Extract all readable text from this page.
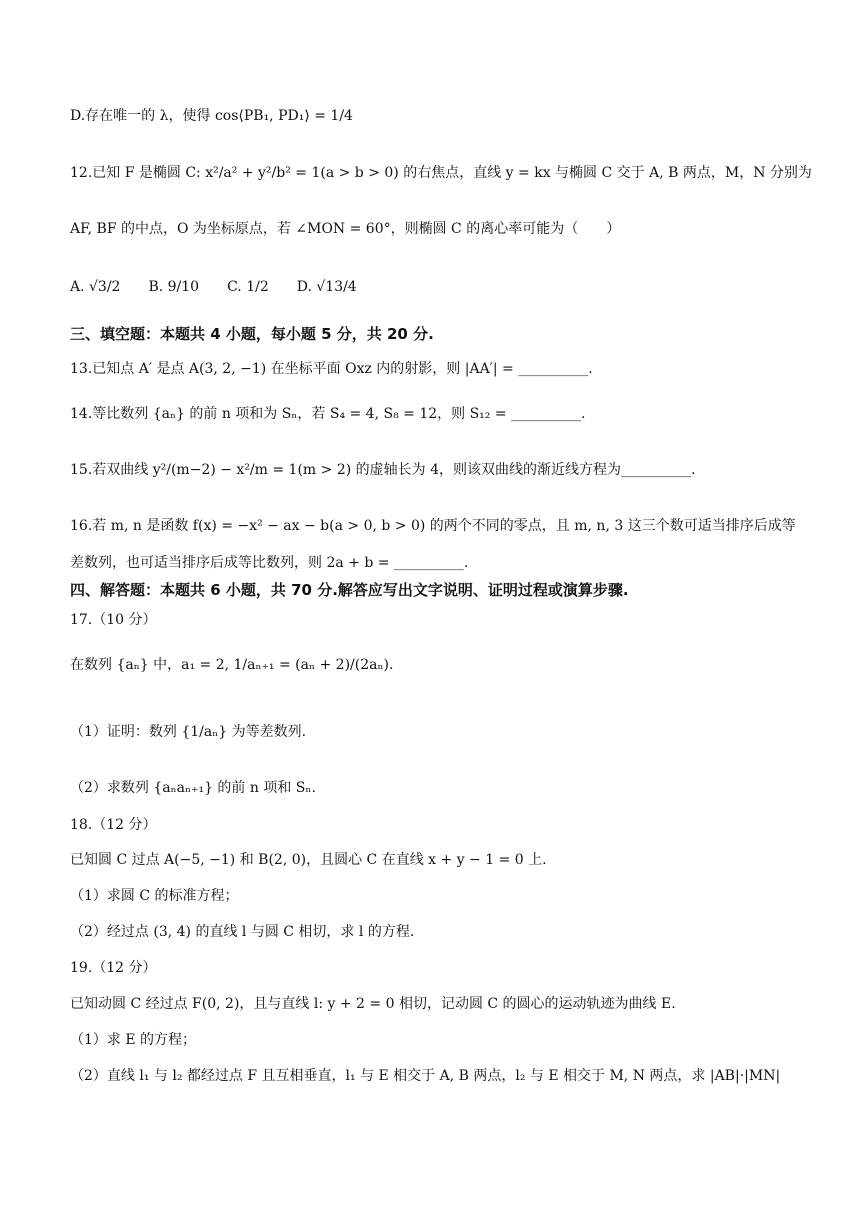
D.存在唯一的 λ，使得 cos⟨PB₁, PD₁⟩ = 1/4
12.已知 F 是椭圆 C: x²/a² + y²/b² = 1(a > b > 0) 的右焦点，直线 y = kx 与椭圆 C 交于 A, B 两点，M，N 分别为
AF, BF 的中点，O 为坐标原点，若 ∠MON = 60°，则椭圆 C 的离心率可能为（　　）
A. √3/2　　B. 9/10　　C. 1/2　　D. √13/4
三、填空题：本题共 4 小题，每小题 5 分，共 20 分.
13.已知点 A′ 是点 A(3, 2, −1) 在坐标平面 Oxz 内的射影，则 |AA′| = __________.
14.等比数列 {aₙ} 的前 n 项和为 Sₙ，若 S₄ = 4, S₈ = 12，则 S₁₂ = __________.
15.若双曲线 y²/(m−2) − x²/m = 1(m > 2) 的虚轴长为 4，则该双曲线的渐近线方程为__________.
16.若 m, n 是函数 f(x) = −x² − ax − b(a > 0, b > 0) 的两个不同的零点，且 m, n, 3 这三个数可适当排序后成等
差数列，也可适当排序后成等比数列，则 2a + b = __________.
四、解答题：本题共 6 小题，共 70 分.解答应写出文字说明、证明过程或演算步骤.
17.（10 分）
在数列 {aₙ} 中，a₁ = 2, 1/aₙ₊₁ = (aₙ + 2)/(2aₙ).
（1）证明：数列 {1/aₙ} 为等差数列.
（2）求数列 {aₙaₙ₊₁} 的前 n 项和 Sₙ.
18.（12 分）
已知圆 C 过点 A(−5, −1) 和 B(2, 0)，且圆心 C 在直线 x + y − 1 = 0 上.
（1）求圆 C 的标准方程；
（2）经过点 (3, 4) 的直线 l 与圆 C 相切，求 l 的方程.
19.（12 分）
已知动圆 C 经过点 F(0, 2)，且与直线 l: y + 2 = 0 相切，记动圆 C 的圆心的运动轨迹为曲线 E.
（1）求 E 的方程；
（2）直线 l₁ 与 l₂ 都经过点 F 且互相垂直，l₁ 与 E 相交于 A, B 两点，l₂ 与 E 相交于 M, N 两点，求 |AB|·|MN|
